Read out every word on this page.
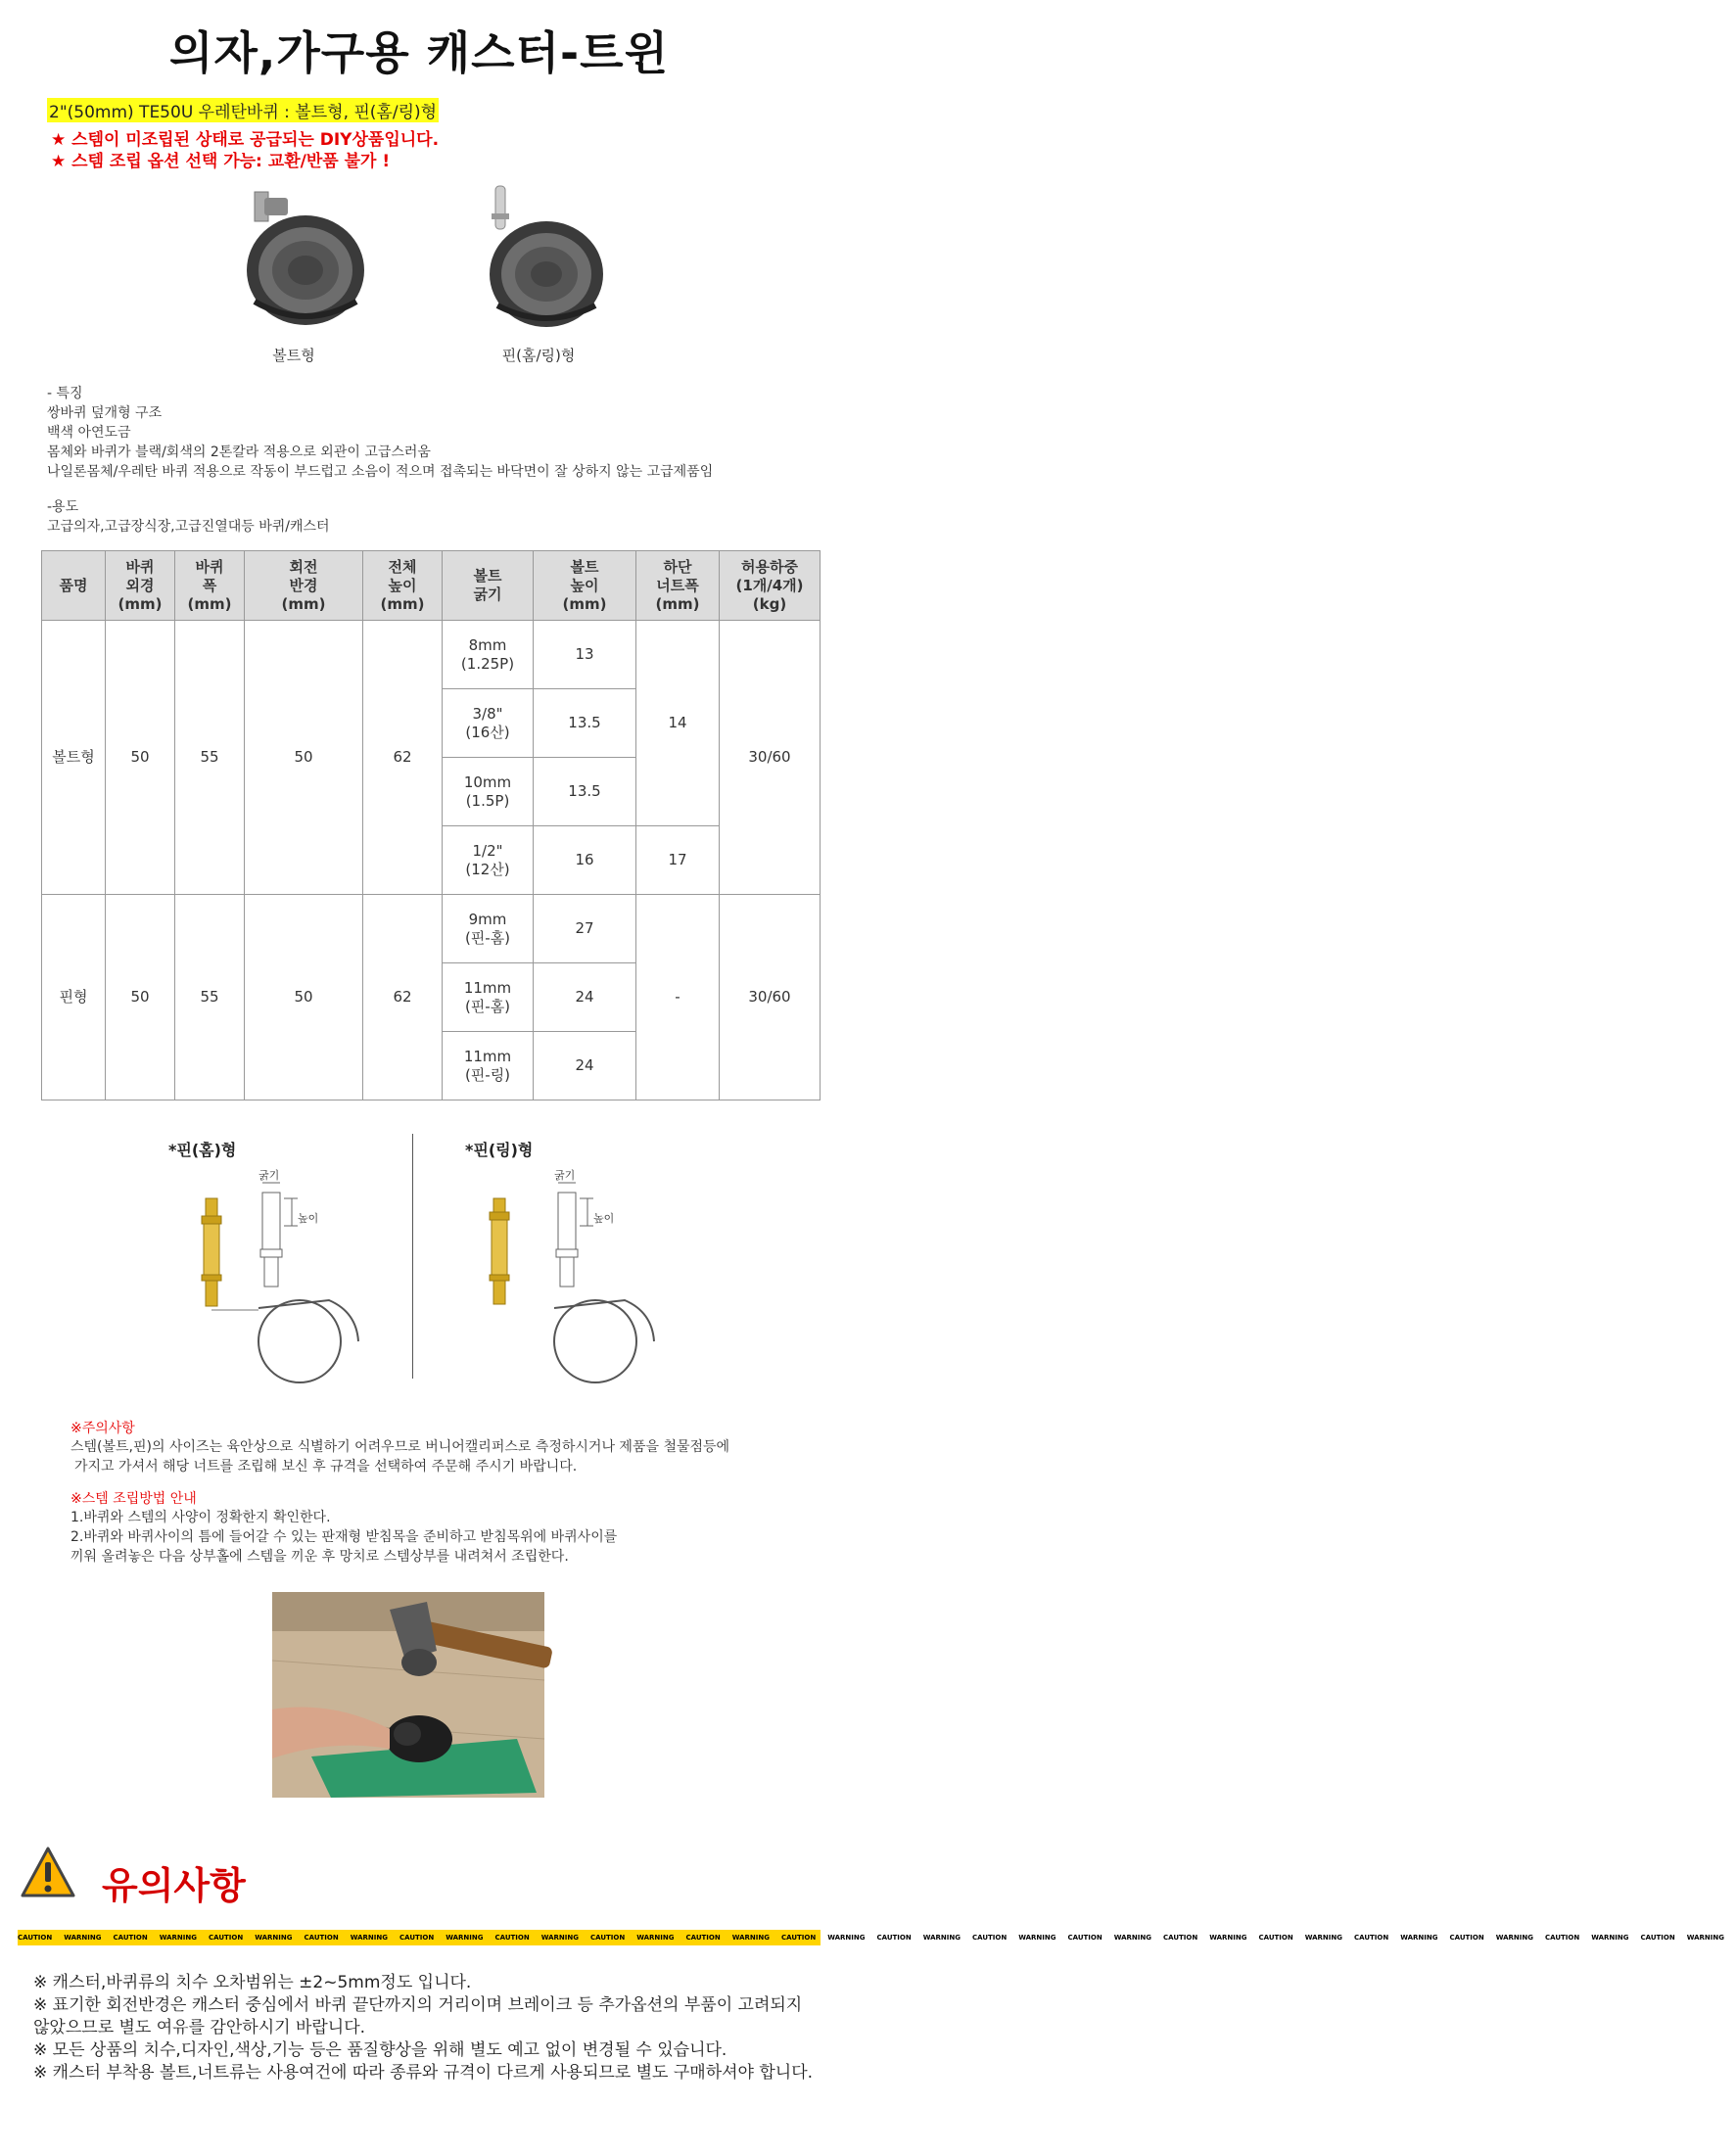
의자,가구용 캐스터-트윈
2"(50mm) TE50U 우레탄바퀴 : 볼트형, 핀(홈/링)형
★ 스템이 미조립된 상태로 공급되는 DIY상품입니다.
★ 스템 조립 옵션 선택 가능: 교환/반품 불가 !
볼트형	핀(홈/링)형
- 특징
쌍바퀴 덮개형 구조
백색 아연도금
몸체와 바퀴가 블랙/회색의 2톤칼라 적용으로 외관이 고급스러움
나일론몸체/우레탄 바퀴 적용으로 작동이 부드럽고 소음이 적으며 접촉되는 바닥면이 잘 상하지 않는 고급제품임
-용도
고급의자,고급장식장,고급진열대등 바퀴/캐스터
품명	바퀴
외경
(mm)	바퀴
폭
(mm)	회전
반경
(mm)	전체
높이
(mm)	볼트
굵기	볼트
높이
(mm)	하단
너트폭
(mm)	허용하중
(1개/4개)
(kg)
볼트형	50	55	50	62	8mm
(1.25P)	13	14	30/60
					3/8"
(16산)	13.5		
					10mm
(1.5P)	13.5		
					1/2"
(12산)	16	17	
핀형	50	55	50	62	9mm
(핀-홈)	27	-	30/60
					11mm
(핀-홈)	24		
					11mm
(핀-링)	24		
*핀(홈)형	*핀(링)형
굵기
높이
굵기
높이
※주의사항
스템(볼트,핀)의 사이즈는 육안상으로 식별하기 어려우므로 버니어캘리퍼스로 측정하시거나 제품을 철물점등에
가지고 가셔서 해당 너트를 조립해 보신 후 규격을 선택하여 주문해 주시기 바랍니다.
※스템 조립방법 안내
1.바퀴와 스템의 사양이 정확한지 확인한다.
2.바퀴와 바퀴사이의 틈에 들어갈 수 있는 판재형 받침목을 준비하고 받침목위에 바퀴사이를
끼워 올려놓은 다음 상부홀에 스템을 끼운 후 망치로 스템상부를 내려쳐서 조립한다.
유의사항
CAUTION WARNING CAUTION WARNING CAUTION WARNING CAUTION WARNING CAUTION WARNING CAUTION WARNING CAUTION WARNING CAUTION WARNING CAUTION WARNING CAUTION WARNING CAUTION WARNING CAUTION WARNING CAUTION WARNING CAUTION WARNING CAUTION WARNING CAUTION WARNING CAUTION WARNING CAUTION WARNING
※ 캐스터,바퀴류의 치수 오차범위는 ±2~5mm정도 입니다.
※ 표기한 회전반경은 캐스터 중심에서 바퀴 끝단까지의 거리이며 브레이크 등 추가옵션의 부품이 고려되지 않았으므로 별도 여유를 감안하시기 바랍니다.
※ 모든 상품의 치수,디자인,색상,기능 등은 품질향상을 위해 별도 예고 없이 변경될 수 있습니다.
※ 캐스터 부착용 볼트,너트류는 사용여건에 따라 종류와 규격이 다르게 사용되므로 별도 구매하셔야 합니다.
